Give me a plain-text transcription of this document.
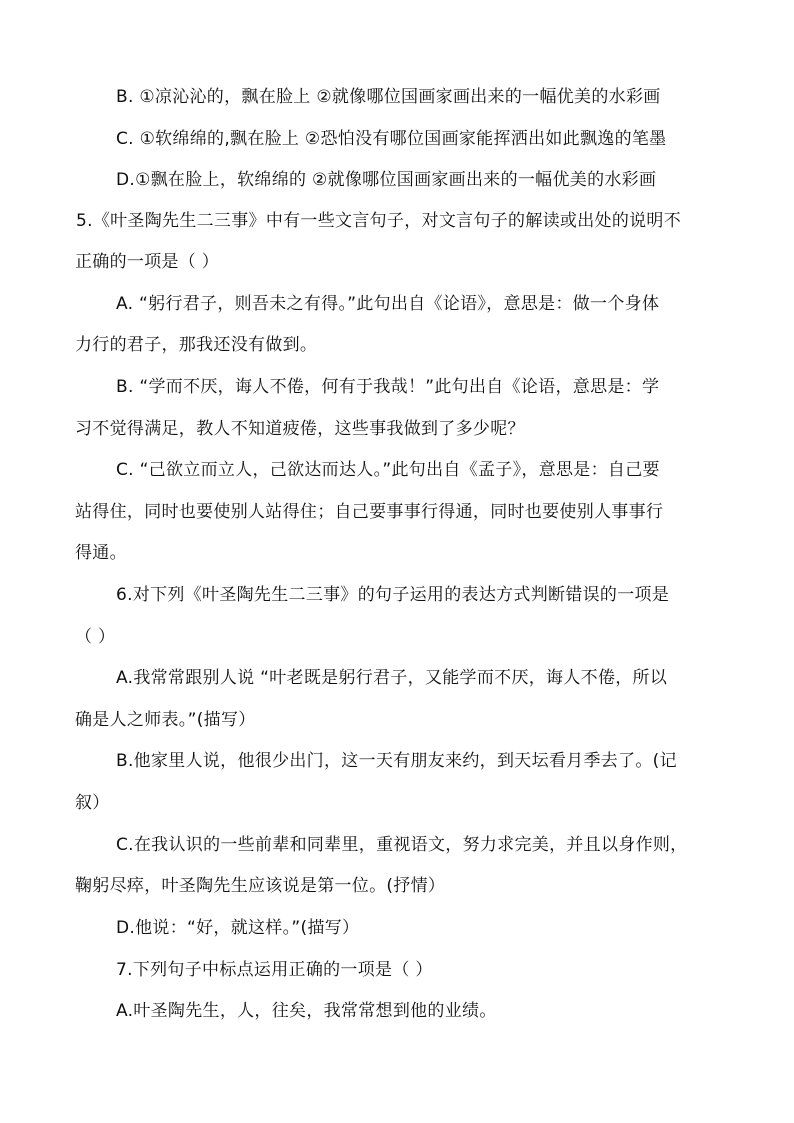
B. ①凉沁沁的，飘在脸上 ②就像哪位国画家画出来的一幅优美的水彩画
C. ①软绵绵的,飘在脸上 ②恐怕没有哪位国画家能挥洒出如此飘逸的笔墨
D.①飘在脸上，软绵绵的 ②就像哪位国画家画出来的一幅优美的水彩画
5.《叶圣陶先生二三事》中有一些文言句子，对文言句子的解读或出处的说明不
正确的一项是（ ）
A. “躬行君子，则吾未之有得。”此句出自《论语》，意思是：做一个身体
力行的君子，那我还没有做到。
B. “学而不厌，诲人不倦，何有于我哉！”此句出自《论语，意思是：学
习不觉得满足，教人不知道疲倦，这些事我做到了多少呢？
C. “己欲立而立人，己欲达而达人。”此句出自《孟子》，意思是：自己要
站得住，同时也要使别人站得住；自己要事事行得通，同时也要使别人事事行
得通。
6.对下列《叶圣陶先生二三事》的句子运用的表达方式判断错误的一项是
（ ）
A.我常常跟别人说 “叶老既是躬行君子，又能学而不厌，诲人不倦，所以
确是人之师表。”(描写）
B.他家里人说，他很少出门，这一天有朋友来约，到天坛看月季去了。(记
叙）
C.在我认识的一些前辈和同辈里，重视语文，努力求完美，并且以身作则，
鞠躬尽瘁，叶圣陶先生应该说是第一位。(抒情）
D.他说：“好，就这样。”(描写）
7.下列句子中标点运用正确的一项是（ ）
A.叶圣陶先生，人，往矣，我常常想到他的业绩。
